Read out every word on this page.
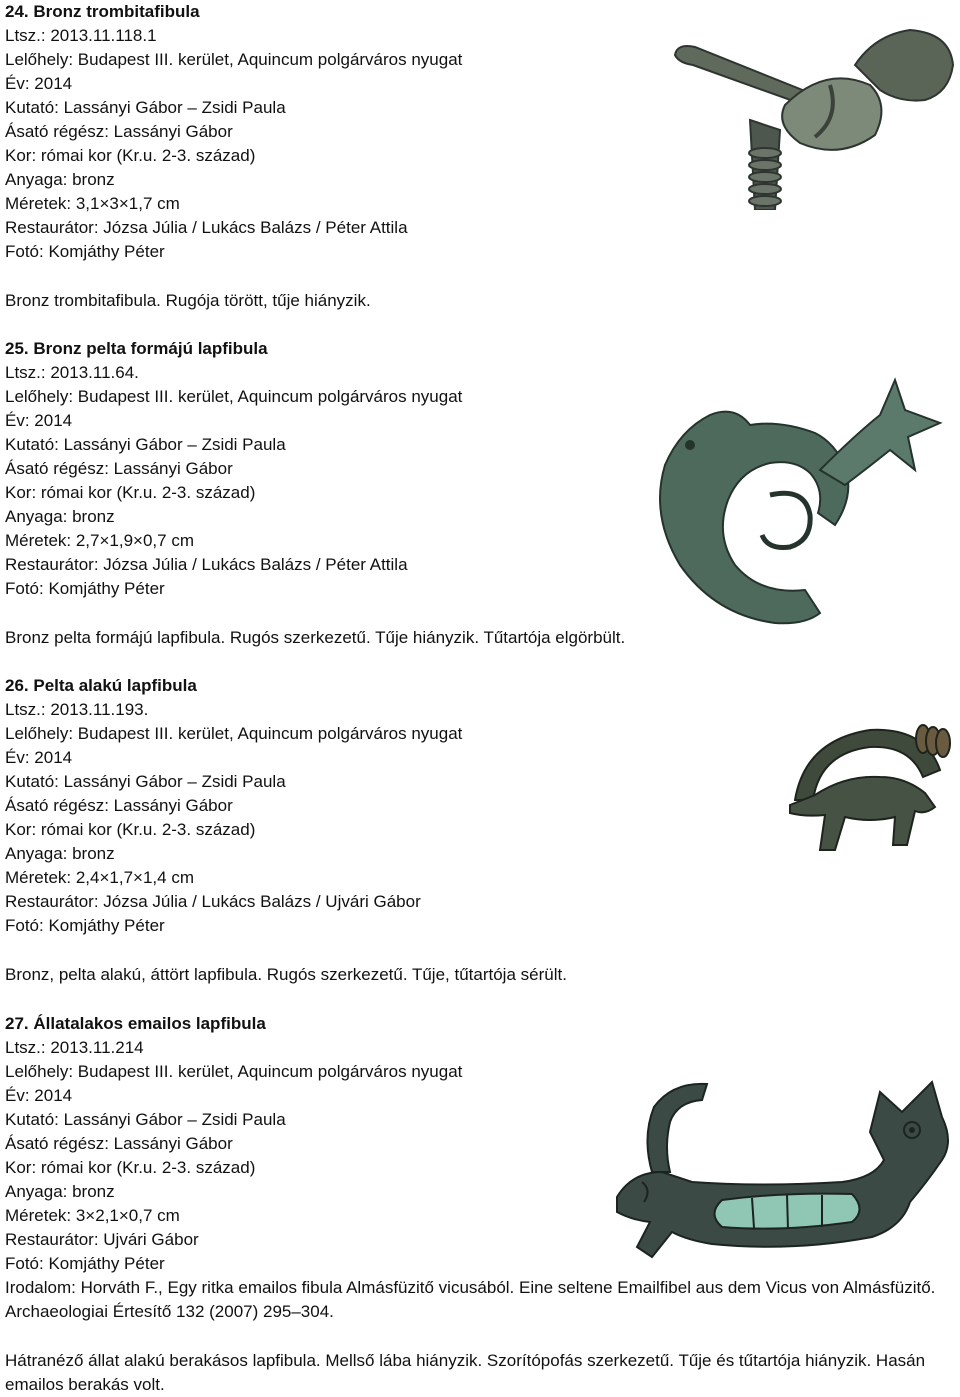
24. Bronz trombitafibula
Ltsz.: 2013.11.118.1
Lelőhely: Budapest III. kerület, Aquincum polgárváros nyugat
Év: 2014
Kutató: Lassányi Gábor – Zsidi Paula
Ásató régész: Lassányi Gábor
Kor: római kor (Kr.u. 2-3. század)
Anyaga: bronz
Méretek: 3,1×3×1,7 cm
Restaurátor: Józsa Júlia / Lukács Balázs / Péter Attila
Fotó: Komjáthy Péter
Bronz trombitafibula. Rugója törött, tűje hiányzik.
25. Bronz pelta formájú lapfibula
Ltsz.: 2013.11.64.
Lelőhely: Budapest III. kerület, Aquincum polgárváros nyugat
Év: 2014
Kutató: Lassányi Gábor – Zsidi Paula
Ásató régész: Lassányi Gábor
Kor: római kor (Kr.u. 2-3. század)
Anyaga: bronz
Méretek: 2,7×1,9×0,7 cm
Restaurátor: Józsa Júlia / Lukács Balázs / Péter Attila
Fotó: Komjáthy Péter
Bronz pelta formájú lapfibula. Rugós szerkezetű. Tűje hiányzik. Tűtartója elgörbült.
26. Pelta alakú lapfibula
Ltsz.: 2013.11.193.
Lelőhely: Budapest III. kerület, Aquincum polgárváros nyugat
Év: 2014
Kutató: Lassányi Gábor – Zsidi Paula
Ásató régész: Lassányi Gábor
Kor: római kor (Kr.u. 2-3. század)
Anyaga: bronz
Méretek: 2,4×1,7×1,4 cm
Restaurátor: Józsa Júlia / Lukács Balázs / Ujvári Gábor
Fotó: Komjáthy Péter
Bronz, pelta alakú, áttört lapfibula. Rugós szerkezetű. Tűje, tűtartója sérült.
27. Állatalakos emailos lapfibula
Ltsz.: 2013.11.214
Lelőhely: Budapest III. kerület, Aquincum polgárváros nyugat
Év: 2014
Kutató: Lassányi Gábor – Zsidi Paula
Ásató régész: Lassányi Gábor
Kor: római kor (Kr.u. 2-3. század)
Anyaga: bronz
Méretek: 3×2,1×0,7 cm
Restaurátor: Ujvári Gábor
Fotó: Komjáthy Péter
Irodalom: Horváth F., Egy ritka emailos fibula Almásfüzitő vicusából. Eine seltene Emailfibel aus dem Vicus von Almásfüzitő.
Archaeologiai Értesítő 132 (2007) 295–304.
Hátranéző állat alakú berakásos lapfibula. Mellső lába hiányzik. Szorítópofás szerkezetű. Tűje és tűtartója hiányzik. Hasán
emailos berakás volt.
